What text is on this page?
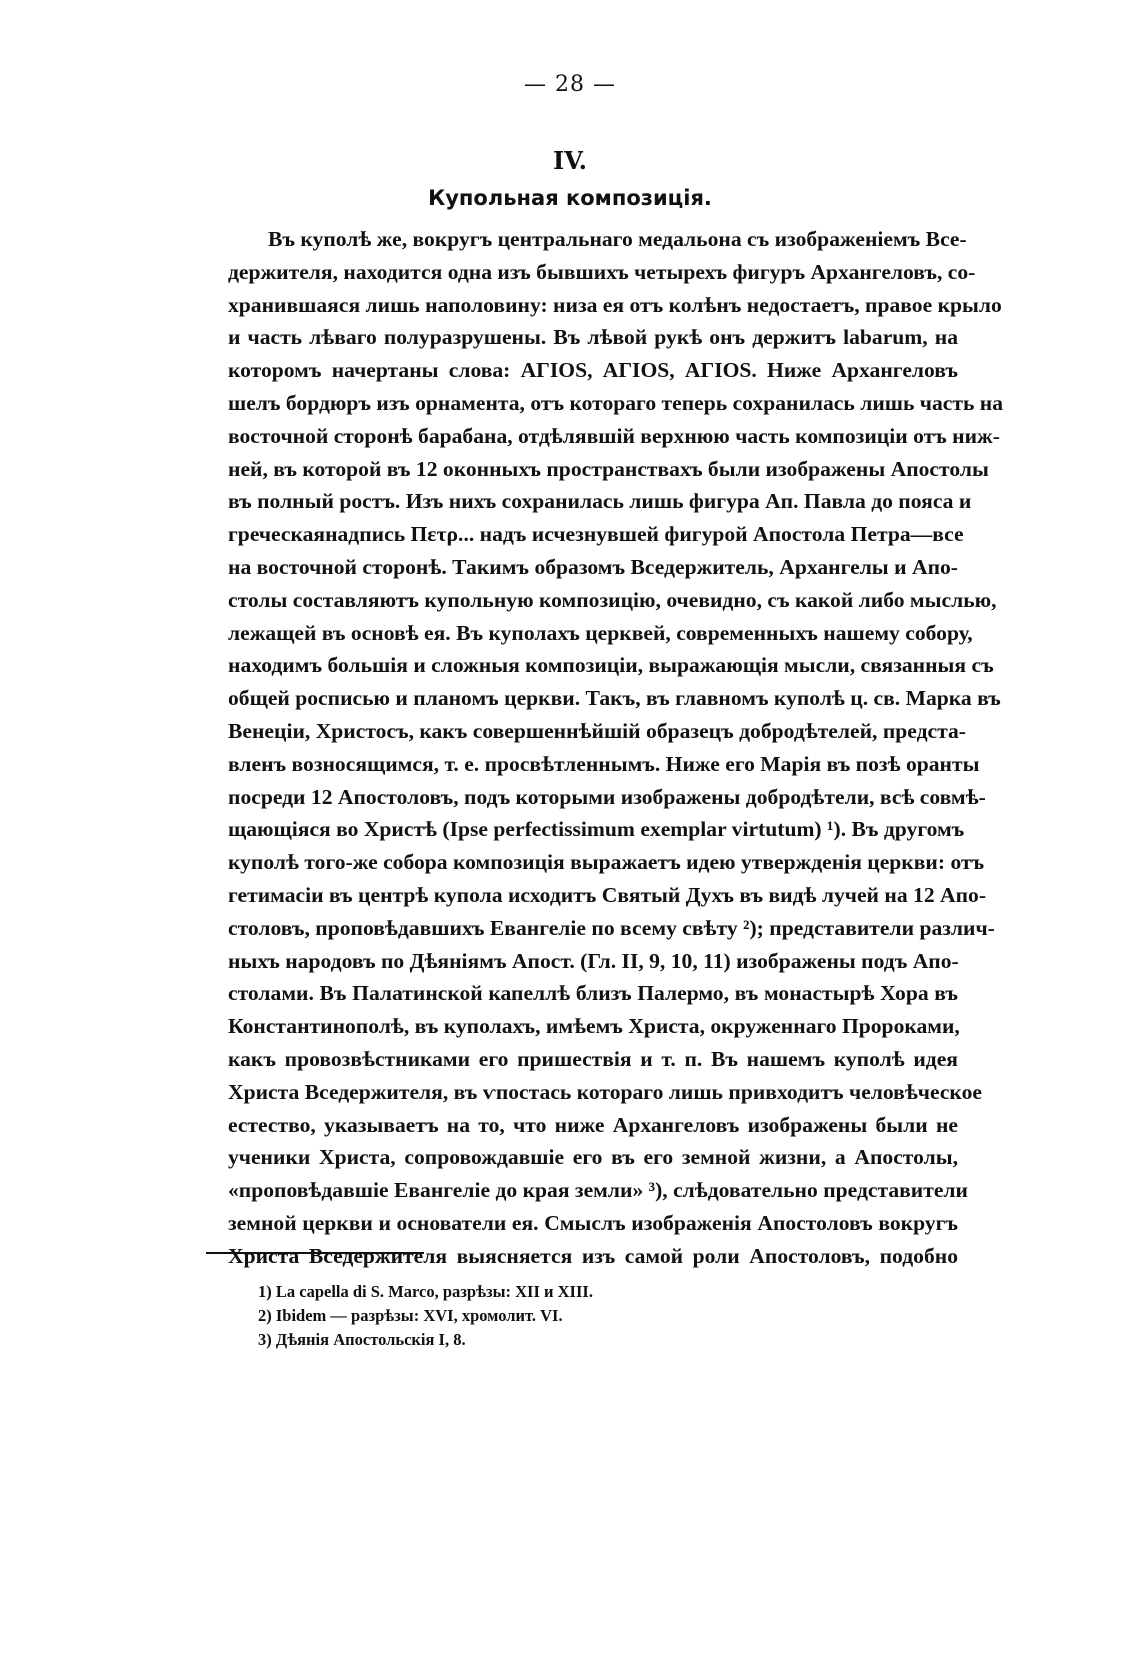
— 28 —
IV.
Купольная композиція.
Въ куполѣ же, вокругъ центральнаго медальона съ изображеніемъ Все-
держителя, находится одна изъ бывшихъ четырехъ фигуръ Архангеловъ, со-
хранившаяся лишь наполовину: низа ея отъ колѣнъ недостаетъ, правое крыло
и часть лѣваго полуразрушены. Въ лѣвой рукѣ онъ держитъ labarum, на
которомъ начертаны слова: ΑΓΙΟS, ΑΓΙΟS, ΑΓΙΟS. Ниже Архангеловъ
шелъ бордюръ изъ орнамента, отъ котораго теперь сохранилась лишь часть на
восточной сторонѣ барабана, отдѣлявшій верхнюю часть композиціи отъ ниж-
ней, въ которой въ 12 оконныхъ пространствахъ были изображены Апостолы
въ полный ростъ. Изъ нихъ сохранилась лишь фигура Ап. Павла до пояса и
греческаянадпись Πετρ... надъ исчезнувшей фигурой Апостола Петра—все
на восточной сторонѣ. Такимъ образомъ Вседержитель, Архангелы и Апо-
столы составляютъ купольную композицію, очевидно, съ какой либо мыслью,
лежащей въ основѣ ея. Въ куполахъ церквей, современныхъ нашему собору,
находимъ большія и сложныя композиціи, выражающія мысли, связанныя съ
общей росписью и планомъ церкви. Такъ, въ главномъ куполѣ ц. св. Марка въ
Венеціи, Христосъ, какъ совершеннѣйшій образецъ добродѣтелей, предста-
вленъ возносящимся, т. е. просвѣтленнымъ. Ниже его Марія въ позѣ оранты
посреди 12 Апостоловъ, подъ которыми изображены добродѣтели, всѣ совмѣ-
щающіяся во Христѣ (Ipse perfectissimum exemplar virtutum) ¹). Въ другомъ
куполѣ того-же собора композиція выражаетъ идею утвержденія церкви: отъ
гетимасіи въ центрѣ купола исходитъ Святый Духъ въ видѣ лучей на 12 Апо-
столовъ, проповѣдавшихъ Евангеліе по всему свѣту ²); представители различ-
ныхъ народовъ по Дѣяніямъ Апост. (Гл. II, 9, 10, 11) изображены подъ Апо-
столами. Въ Палатинской капеллѣ близъ Палермо, въ монастырѣ Хора въ
Константинополѣ, въ куполахъ, имѣемъ Христа, окруженнаго Пророками,
какъ провозвѣстниками его пришествія и т. п. Въ нашемъ куполѣ идея
Христа Вседержителя, въ ѵпостась котораго лишь привходитъ человѣческое
естество, указываетъ на то, что ниже Архангеловъ изображены были не
ученики Христа, сопровождавшіе его въ его земной жизни, а Апостолы,
«проповѣдавшіе Евангеліе до края земли» ³), слѣдовательно представители
земной церкви и основатели ея. Смыслъ изображенія Апостоловъ вокругъ
Христа Вседержителя выясняется изъ самой роли Апостоловъ, подобно
1) La capella di S. Marco, разрѣзы: XII и XIII.
2) Ibidem — разрѣзы: XVI, хромолит. VI.
3) Дѣянія Апостольскія I, 8.
